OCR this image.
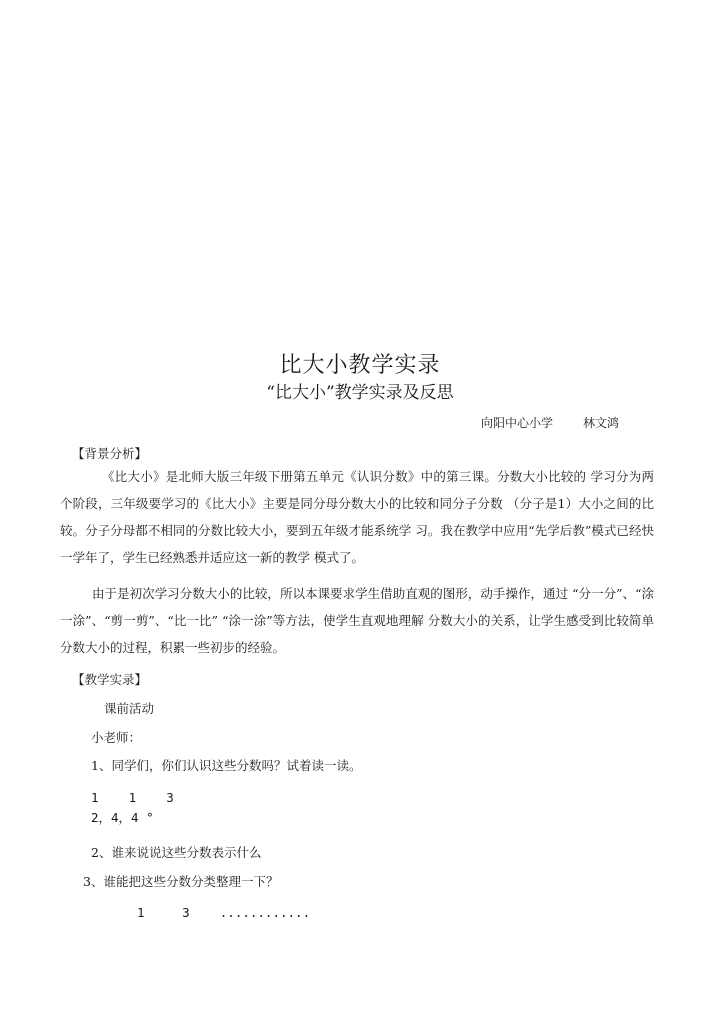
比大小教学实录
“比大小”教学实录及反思
向阳中心小学 林文鸿
【背景分析】
《比大小》是北师大版三年级下册第五单元《认识分数》中的第三课。分数大小比较的 学习分为两个阶段，三年级要学习的《比大小》主要是同分母分数大小的比较和同分子分数 （分子是1）大小之间的比较。分子分母都不相同的分数比较大小，要到五年级才能系统学 习。我在教学中应用“先学后教”模式已经快一学年了，学生已经熟悉并适应这一新的教学 模式了。
由于是初次学习分数大小的比较，所以本课要求学生借助直观的图形，动手操作，通过 “分一分”、“涂一涂”、“剪一剪”、“比一比” “涂一涂”等方法，使学生直观地理解 分数大小的关系，让学生感受到比较简单分数大小的过程，积累一些初步的经验。
【教学实录】
课前活动
小老师：
1、同学们，你们认识这些分数吗？试着读一读。
1    1    3
2，4，4 °
2、谁来说说这些分数表示什么
3、谁能把这些分数分类整理一下？
1     3    ............
